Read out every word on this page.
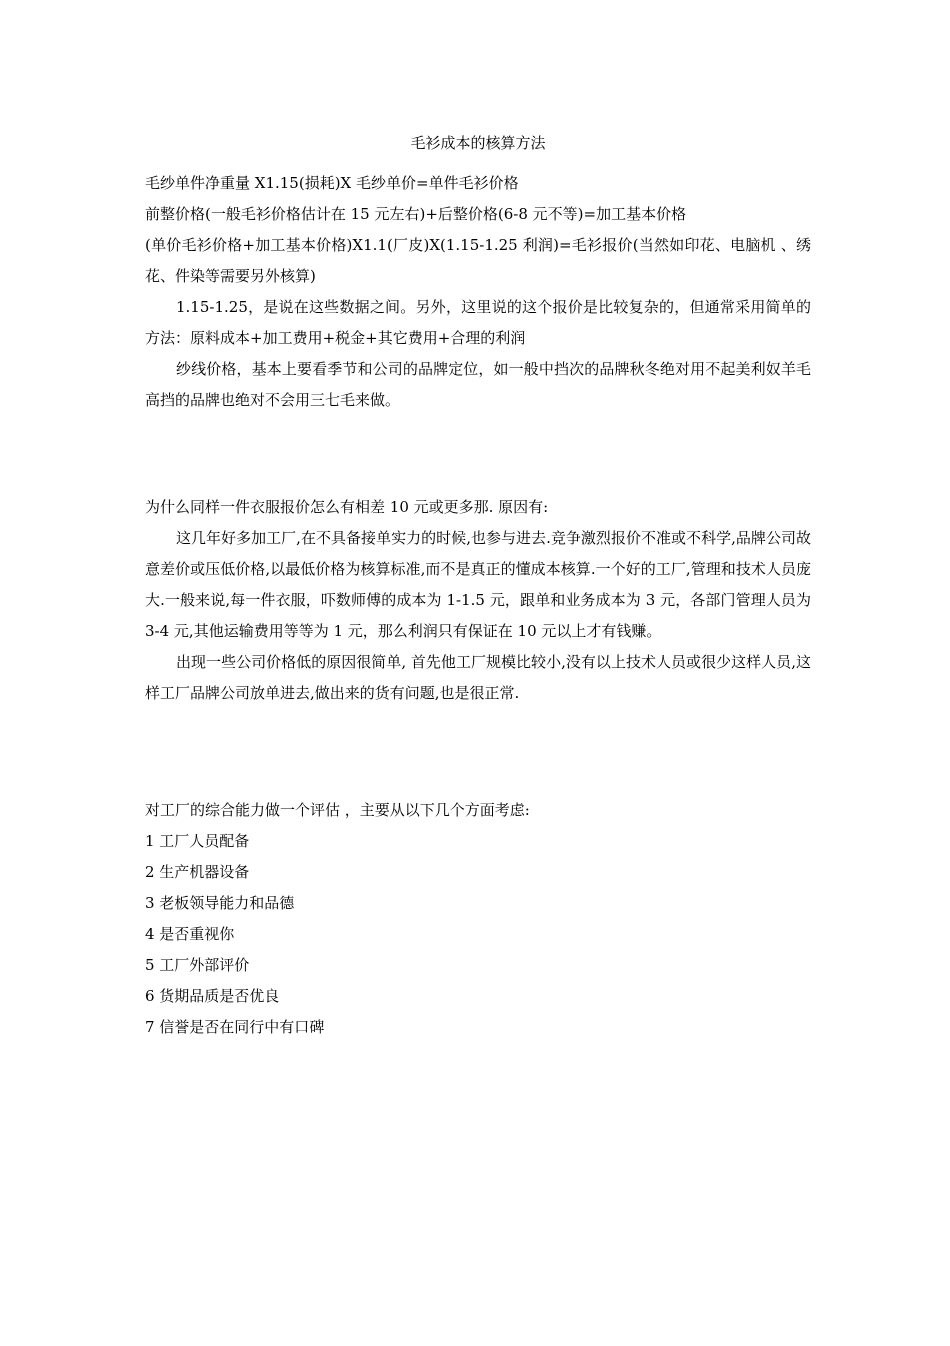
毛衫成本的核算方法

毛纱单件净重量 X1.15(损耗)X 毛纱单价=单件毛衫价格

前整价格(一般毛衫价格估计在 15 元左右)+后整价格(6-8 元不等)=加工基本价格

(单价毛衫价格+加工基本价格)X1.1(厂皮)X(1.15-1.25 利润)=毛衫报价(当然如印花、电脑机 、绣花、件染等需要另外核算)

1.15-1.25，是说在这些数据之间。另外，这里说的这个报价是比较复杂的，但通常采用简单的方法：原料成本+加工费用+税金+其它费用+合理的利润

纱线价格，基本上要看季节和公司的品牌定位，如一般中挡次的品牌秋冬绝对用不起美利奴羊毛 高挡的品牌也绝对不会用三七毛来做。

为什么同样一件衣服报价怎么有相差 10 元或更多那. 原因有:

这几年好多加工厂,在不具备接单实力的时候,也参与进去.竞争激烈报价不准或不科学,品牌公司故意差价或压低价格,以最低价格为核算标准,而不是真正的懂成本核算.一个好的工厂,管理和技术人员庞大.一般来说,每一件衣服，吓数师傅的成本为 1-1.5 元，跟单和业务成本为 3 元，各部门管理人员为 3-4 元,其他运输费用等等为 1 元，那么利润只有保证在 10 元以上才有钱赚。

出现一些公司价格低的原因很简单, 首先他工厂规模比较小,没有以上技术人员或很少这样人员,这样工厂品牌公司放单进去,做出来的货有问题,也是很正常.

对工厂的综合能力做一个评估 ，主要从以下几个方面考虑:

1 工厂人员配备
2 生产机器设备
3 老板领导能力和品德
4 是否重视你
5 工厂外部评价
6 货期品质是否优良
7 信誉是否在同行中有口碑
